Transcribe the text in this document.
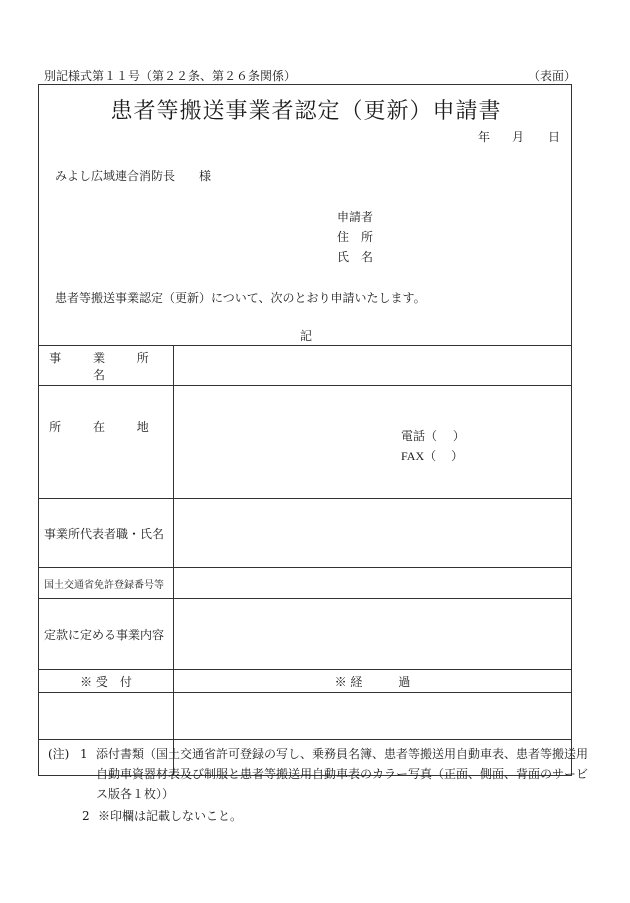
別記様式第１１号（第２２条、第２６条関係）	（表面）
患者等搬送事業者認定（更新）申請書
年 月 日
みよし広域連合消防長 様
申請者
住　所
氏　名
患者等搬送事業認定（更新）について、次のとおり申請いたします。
記
事 業 所 名	
所 在 地	電話（　 ）
FAX（　 ）

事業所代表者職・氏名	
国土交通省免許登録番号等	
定款に定める事業内容	
※ 受　付	※ 経　　　過

(注) 1 添付書類（国土交通省許可登録の写し、乗務員名簿、患者等搬送用自動車表、患者等搬送用自動車資器材表及び制服と患者等搬送用自動車表のカラー写真（正面、側面、背面のサービス版各１枚））
2 ※印欄は記載しないこと。
